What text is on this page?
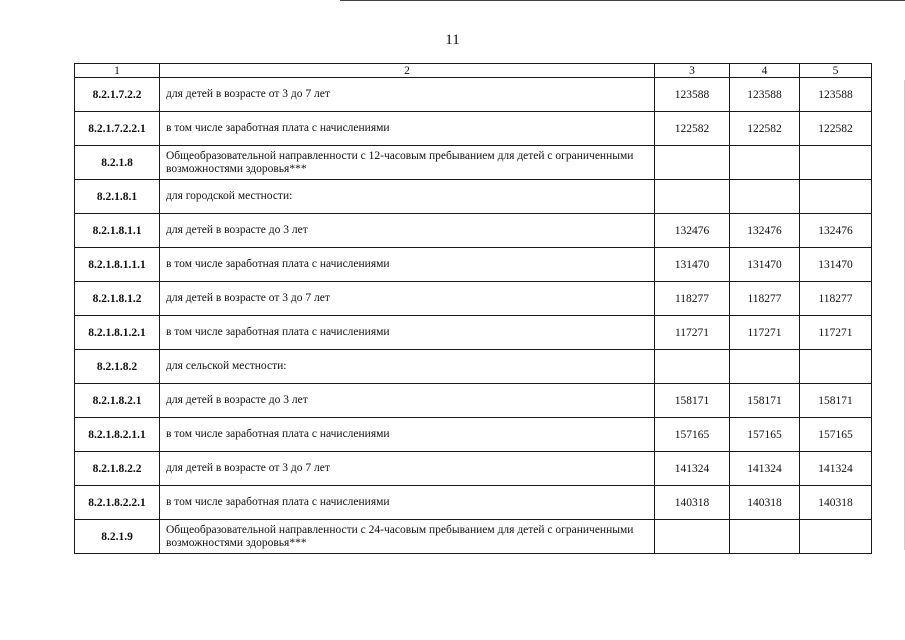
11
1	2	3	4	5
8.2.1.7.2.2	для детей в возрасте от 3 до 7 лет	123588	123588	123588
8.2.1.7.2.2.1	в том числе заработная плата с начислениями	122582	122582	122582
8.2.1.8	Общеобразовательной направленности с 12-часовым пребыванием для детей с ограниченными возможностями здоровья***			
8.2.1.8.1	для городской местности:			
8.2.1.8.1.1	для детей в возрасте до 3 лет	132476	132476	132476
8.2.1.8.1.1.1	в том числе заработная плата с начислениями	131470	131470	131470
8.2.1.8.1.2	для детей в возрасте от 3 до 7 лет	118277	118277	118277
8.2.1.8.1.2.1	в том числе заработная плата с начислениями	117271	117271	117271
8.2.1.8.2	для сельской местности:			
8.2.1.8.2.1	для детей в возрасте до 3 лет	158171	158171	158171
8.2.1.8.2.1.1	в том числе заработная плата с начислениями	157165	157165	157165
8.2.1.8.2.2	для детей в возрасте от 3 до 7 лет	141324	141324	141324
8.2.1.8.2.2.1	в том числе заработная плата с начислениями	140318	140318	140318
8.2.1.9	Общеобразовательной направленности с 24-часовым пребыванием для детей с ограниченными возможностями здоровья***			
